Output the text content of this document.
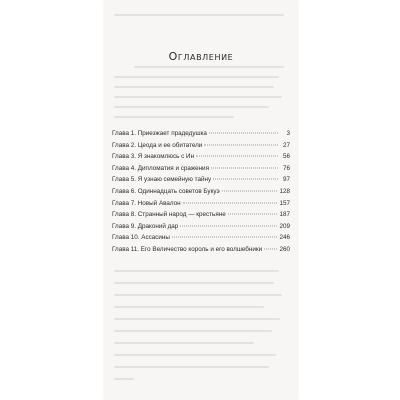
Оглавление
Глава 1. Приезжает прадедушка	3
Глава 2. Цеода и ее обитатели	27
Глава 3. Я знакомлюсь с Ин	56
Глава 4. Дипломатия и сражения	76
Глава 5. Я узнаю семейную тайну	97
Глава 6. Одиннадцать советов Букуэ	128
Глава 7. Новый Авалон	157
Глава 8. Странный народ — крестьяне	187
Глава 9. Драконий дар	209
Глава 10. Ассасины	246
Глава 11. Его Величество король и его волшебники	260
